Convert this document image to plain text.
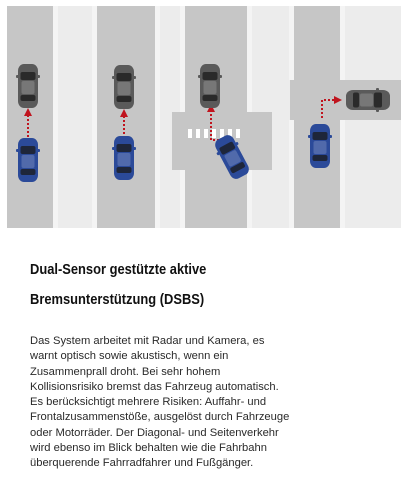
Dual-Sensor gestützte aktive
Bremsunterstützung (DSBS)

Das System arbeitet mit Radar und Kamera, es
warnt optisch sowie akustisch, wenn ein
Zusammenprall droht. Bei sehr hohem
Kollisionsrisiko bremst das Fahrzeug automatisch.
Es berücksichtigt mehrere Risiken: Auffahr- und
Frontalzusammenstöße, ausgelöst durch Fahrzeuge
oder Motorräder. Der Diagonal- und Seitenverkehr
wird ebenso im Blick behalten wie die Fahrbahn
überquerende Fahrradfahrer und Fußgänger.
